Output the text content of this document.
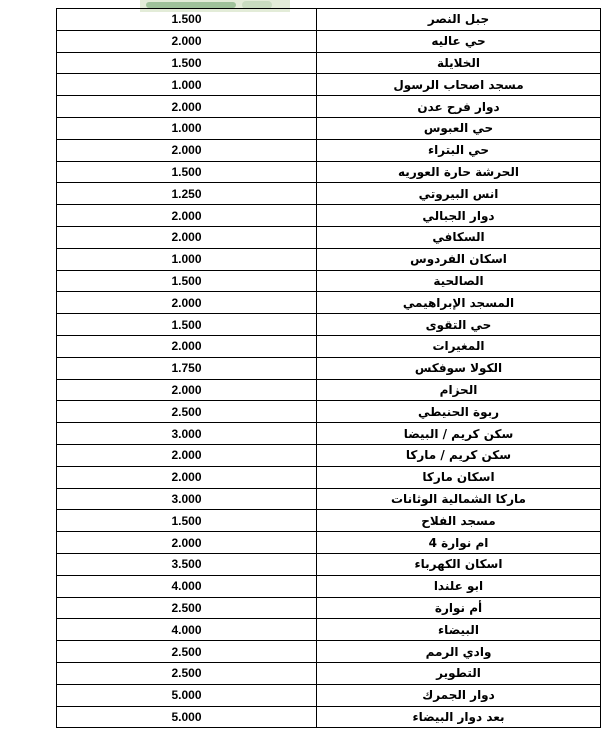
1.500	جبل النصر
2.000	حي عاليه
1.500	الخلايلة
1.000	مسجد اصحاب الرسول
2.000	دوار فرح عدن
1.000	حي العبوس
2.000	حي البتراء
1.500	الحرشة حارة العوريه
1.250	انس البيروتي
2.000	دوار الجبالي
2.000	السكافي
1.000	اسكان الفردوس
1.500	الصالحية
2.000	المسجد الإبراهيمي
1.500	حي التقوى
2.000	المغيرات
1.750	الكولا سوفكس
2.000	الحزام
2.500	ربوة الحنيطي
3.000	سكن كريم / البيضا
2.000	سكن كريم / ماركا
2.000	اسكان ماركا
3.000	ماركا الشمالية الوثانات
1.500	مسجد الفلاح
2.000	ام نوارة 4
3.500	اسكان الكهرباء
4.000	ابو علندا
2.500	أم نوارة
4.000	البيضاء
2.500	وادي الرمم
2.500	التطوير
5.000	دوار الجمرك
5.000	بعد دوار البيضاء
